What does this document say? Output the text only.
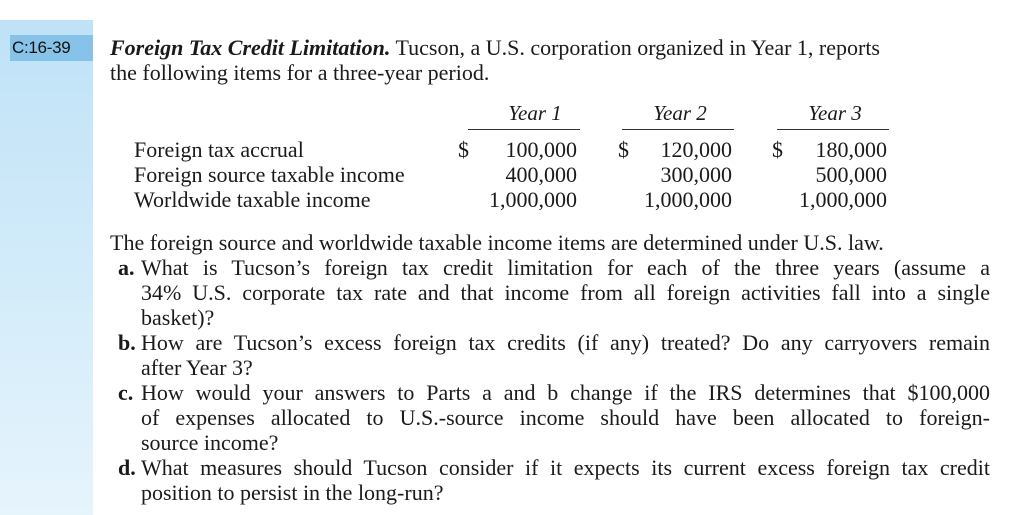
C:16-39	Foreign Tax Credit Limitation. Tucson, a U.S. corporation organized in Year 1, reports

the following items for a three-year period.

Year 1	Year 2	Year 3
Foreign tax accrual	$	100,000 $	120,000 $	180,000
Foreign source taxable income	400,000	300,000	500,000
Worldwide taxable income	1,000,000	1,000,000	1,000,000

The foreign source and worldwide taxable income items are determined under U.S. law.

a. What is Tucson’s foreign tax credit limitation for each of the three years (assume a
34% U.S. corporate tax rate and that income from all foreign activities fall into a single
basket)?
b. How are Tucson’s excess foreign tax credits (if any) treated? Do any carryovers remain
after Year 3?
c. How would your answers to Parts a and b change if the IRS determines that $100,000
of expenses allocated to U.S.-source income should have been allocated to foreign-
source income?
d. What measures should Tucson consider if it expects its current excess foreign tax credit
position to persist in the long-run?
